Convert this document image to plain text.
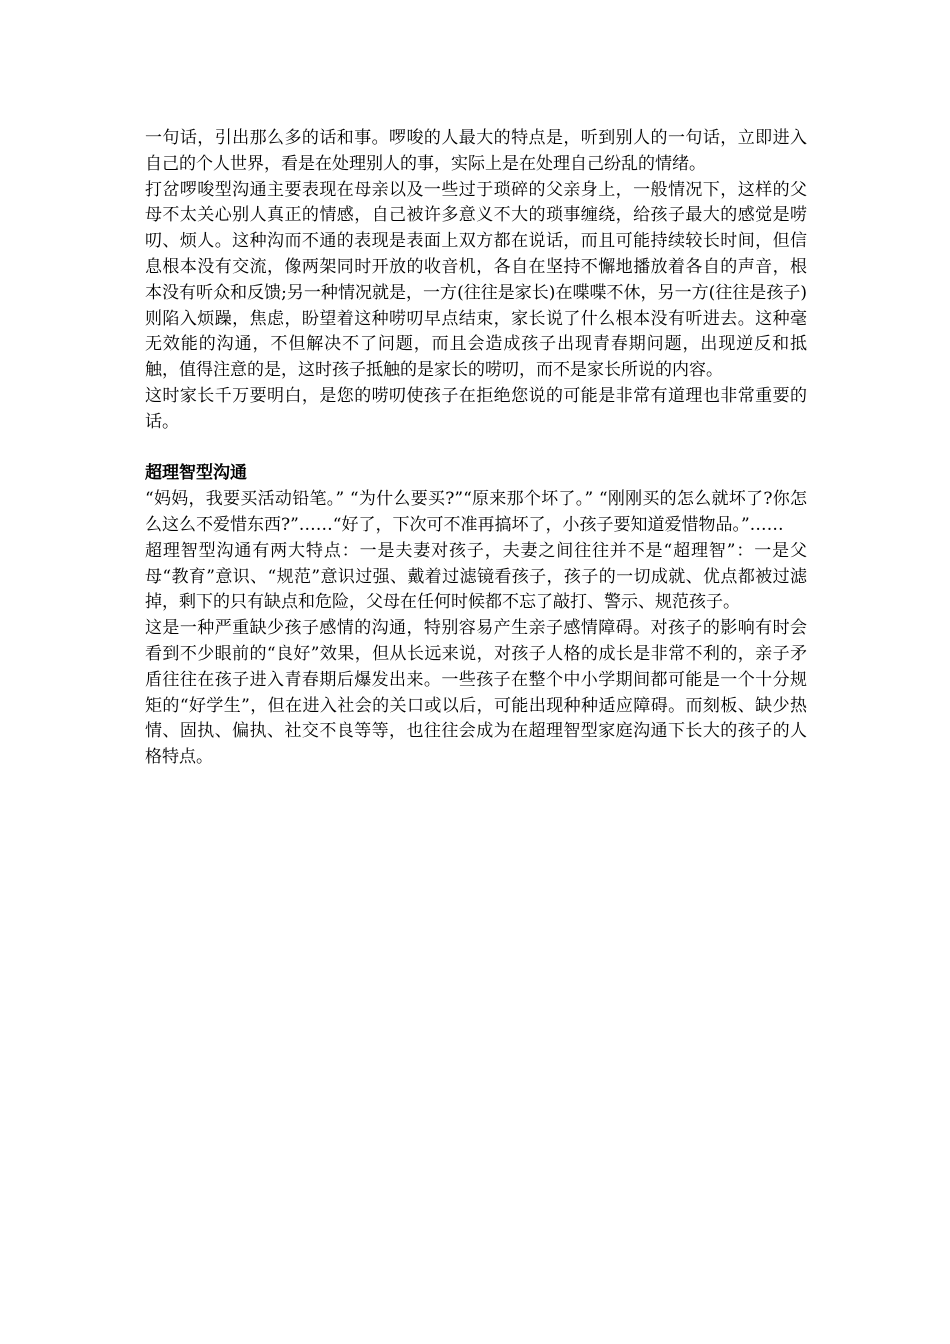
一句话，引出那么多的话和事。啰唆的人最大的特点是，听到别人的一句话，立即进入自己的个人世界，看是在处理别人的事，实际上是在处理自己纷乱的情绪。

打岔啰唆型沟通主要表现在母亲以及一些过于琐碎的父亲身上，一般情况下，这样的父母不太关心别人真正的情感，自己被许多意义不大的琐事缠绕，给孩子最大的感觉是唠叨、烦人。这种沟而不通的表现是表面上双方都在说话，而且可能持续较长时间，但信息根本没有交流，像两架同时开放的收音机，各自在坚持不懈地播放着各自的声音，根本没有听众和反馈;另一种情况就是，一方(往往是家长)在喋喋不休，另一方(往往是孩子)则陷入烦躁，焦虑，盼望着这种唠叨早点结束，家长说了什么根本没有听进去。这种毫无效能的沟通，不但解决不了问题，而且会造成孩子出现青春期问题，出现逆反和抵触，值得注意的是，这时孩子抵触的是家长的唠叨，而不是家长所说的内容。

这时家长千万要明白，是您的唠叨使孩子在拒绝您说的可能是非常有道理也非常重要的话。

超理智型沟通

“妈妈，我要买活动铅笔。” “为什么要买?”“原来那个坏了。” “刚刚买的怎么就坏了?你怎么这么不爱惜东西?”……“好了，下次可不准再搞坏了，小孩子要知道爱惜物品。”……

超理智型沟通有两大特点：一是夫妻对孩子，夫妻之间往往并不是“超理智”：一是父母“教育”意识、“规范”意识过强、戴着过滤镜看孩子，孩子的一切成就、优点都被过滤掉，剩下的只有缺点和危险，父母在任何时候都不忘了敲打、警示、规范孩子。

这是一种严重缺少孩子感情的沟通，特别容易产生亲子感情障碍。对孩子的影响有时会看到不少眼前的“良好”效果，但从长远来说，对孩子人格的成长是非常不利的，亲子矛盾往往在孩子进入青春期后爆发出来。一些孩子在整个中小学期间都可能是一个十分规矩的“好学生”，但在进入社会的关口或以后，可能出现种种适应障碍。而刻板、缺少热情、固执、偏执、社交不良等等，也往往会成为在超理智型家庭沟通下长大的孩子的人格特点。
